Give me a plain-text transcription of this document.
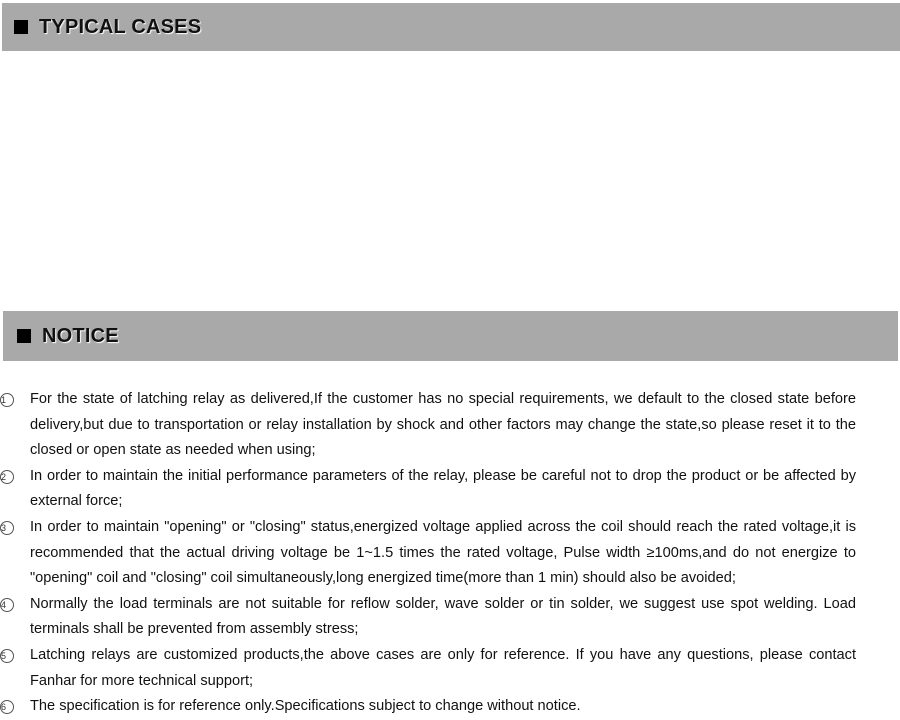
TYPICAL CASES
NOTICE
1	For the state of latching relay as delivered,If the customer has no special requirements, we default to the closed state before delivery,but due to transportation or relay installation by shock and other factors may change the state,so please reset it to the closed or open state as needed when using;
2	In order to maintain the initial performance parameters of the relay, please be careful not to drop the product or be affected by external force;
3	In order to maintain "opening" or "closing" status,energized voltage applied across the coil should reach the rated voltage,it is recommended that the actual driving voltage be 1~1.5 times the rated voltage, Pulse width ≥100ms,and do not energize to "opening" coil and "closing" coil simultaneously,long energized time(more than 1 min) should also be avoided;
4	Normally the load terminals are not suitable for reflow solder, wave solder or tin solder, we suggest use spot welding. Load terminals shall be prevented from assembly stress;
5	Latching relays are customized products,the above cases are only for reference. If you have any questions, please contact Fanhar for more technical support;
6	The specification is for reference only.Specifications subject to change without notice.
